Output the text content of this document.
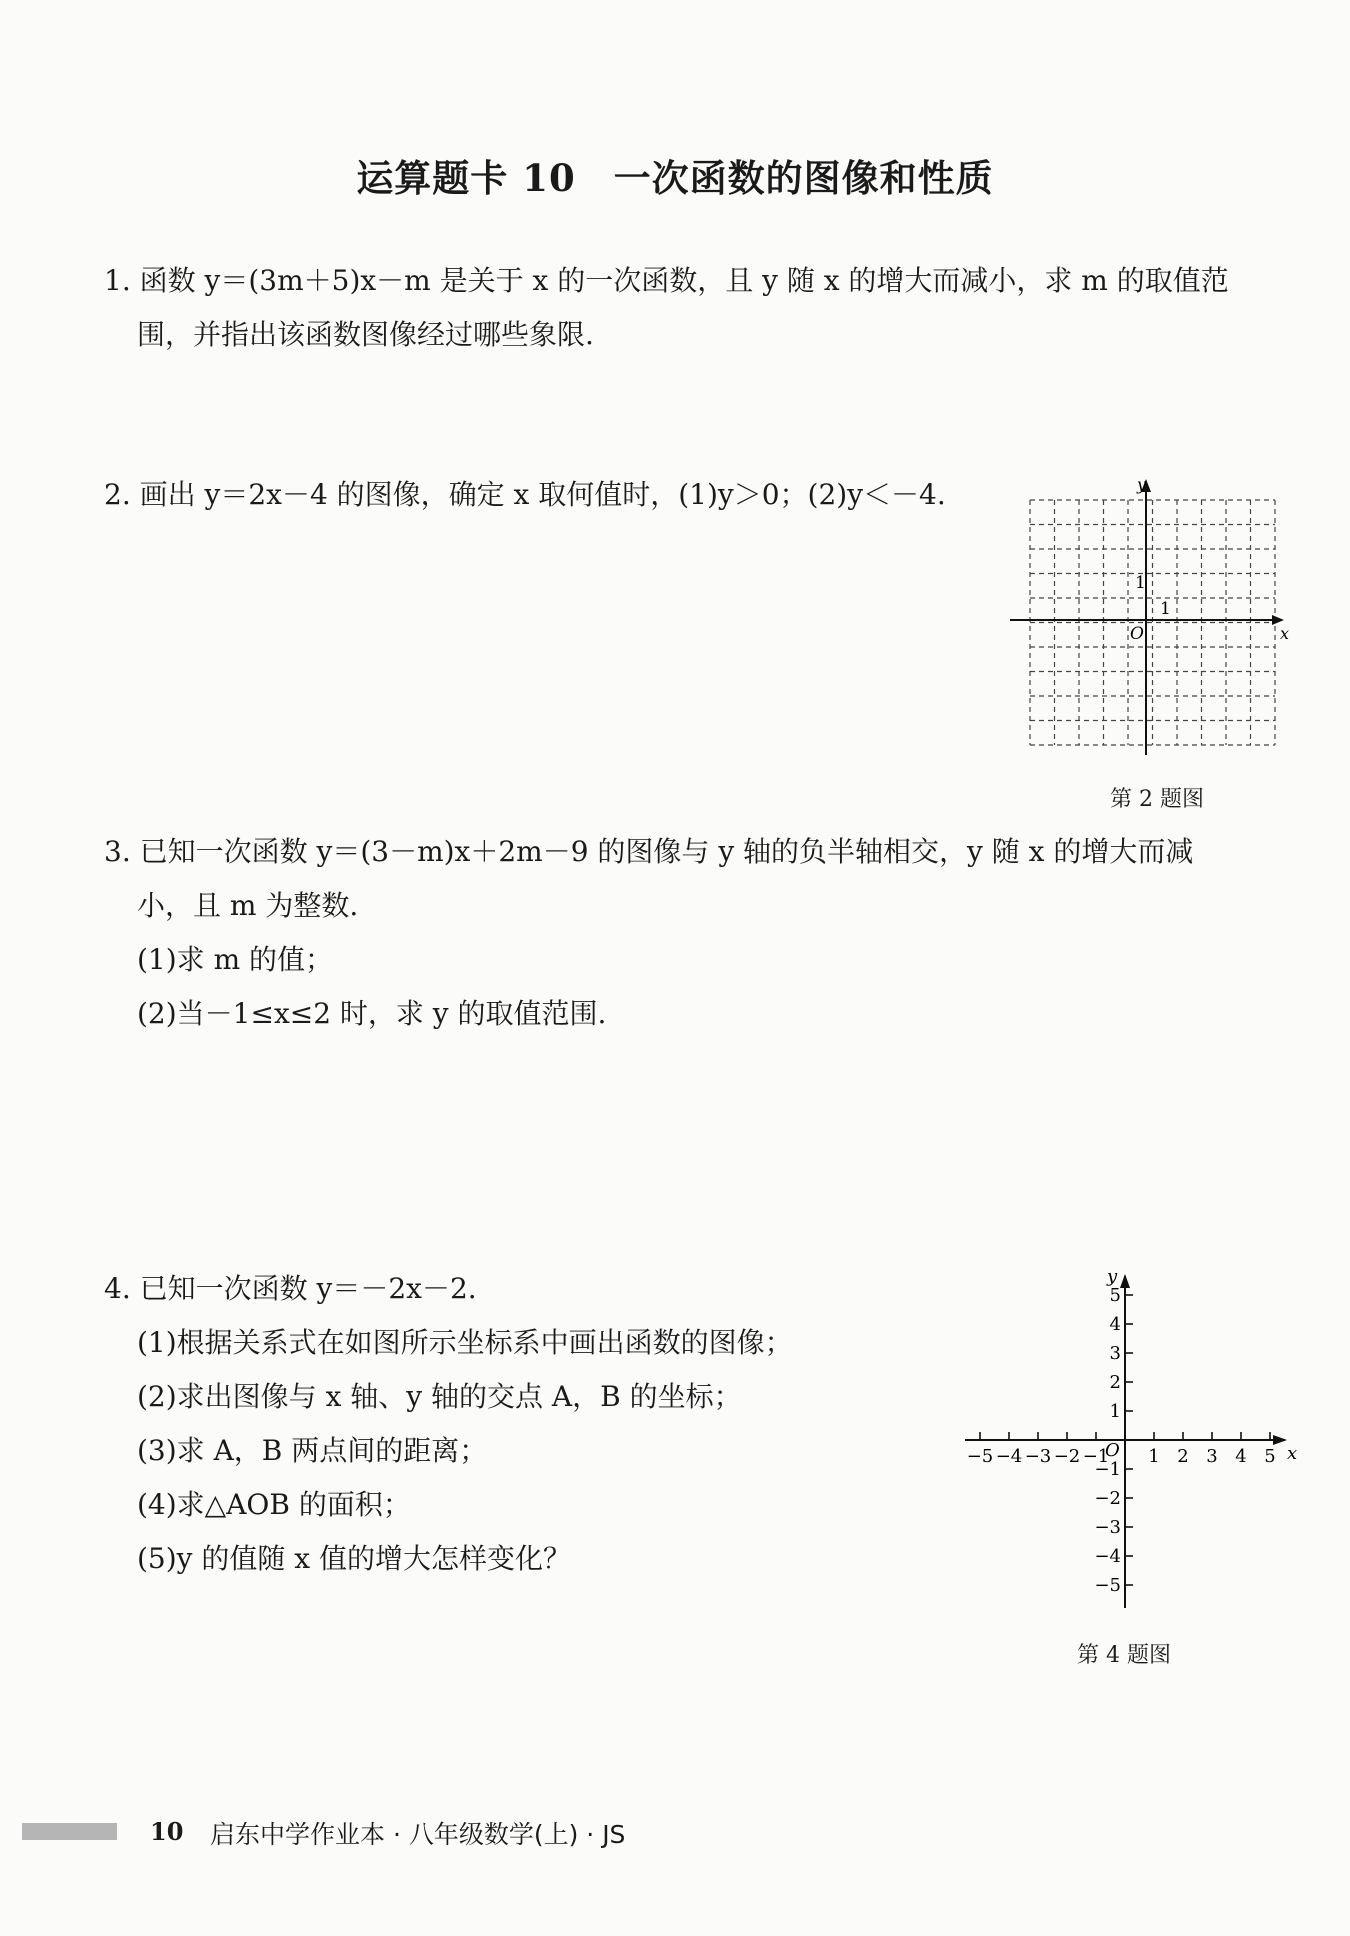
运算题卡 10　一次函数的图像和性质
1. 函数 y＝(3m＋5)x－m 是关于 x 的一次函数，且 y 随 x 的增大而减小，求 m 的取值范
围，并指出该函数图像经过哪些象限.
2. 画出 y＝2x－4 的图像，确定 x 取何值时，(1)y＞0；(2)y＜－4.	y
x
O
1
1
第 2 题图
3. 已知一次函数 y＝(3－m)x＋2m－9 的图像与 y 轴的负半轴相交，y 随 x 的增大而减
小，且 m 为整数.
(1)求 m 的值；
(2)当－1≤x≤2 时，求 y 的取值范围.
4. 已知一次函数 y＝－2x－2.
(1)根据关系式在如图所示坐标系中画出函数的图像；
(2)求出图像与 x 轴、y 轴的交点 A，B 的坐标；
(3)求 A，B 两点间的距离；
(4)求△AOB 的面积；
(5)y 的值随 x 值的增大怎样变化？
−5 −4 −3 −2 −1 1 2 3 4 5
5
4
3
2
1
−1
−2
−3
−4
−5
y
x
O
第 4 题图
10 启东中学作业本 · 八年级数学(上) · JS
